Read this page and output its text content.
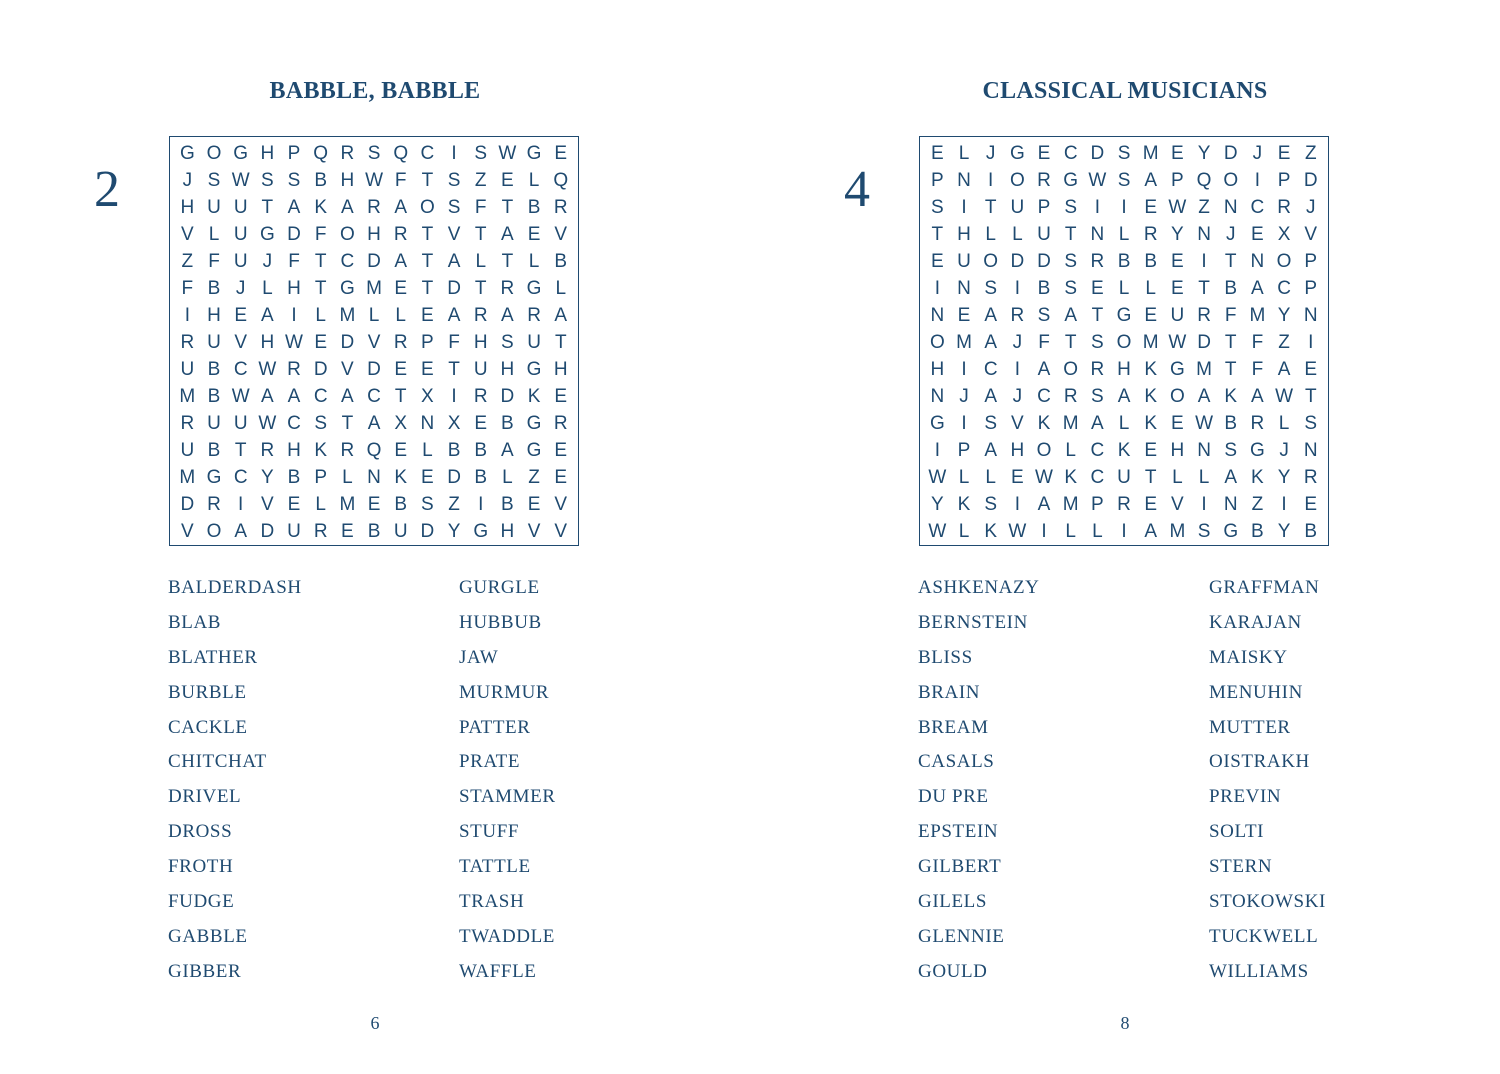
BABBLE, BABBLE
2
G O G H P Q R S Q C I S W G E
J S W S S B H W F T S Z E L Q
H U U T A K A R A O S F T B R
V L U G D F O H R T V T A E V
Z F U J F T C D A T A L T L B
F B J L H T G M E T D T R G L
I H E A I L M L L E A R A R A
R U V H W E D V R P F H S U T
U B C W R D V D E E T U H G H
M B W A A C A C T X I R D K E
R U U W C S T A X N X E B G R
U B T R H K R Q E L B B A G E
M G C Y B P L N K E D B L Z E
D R I V E L M E B S Z I B E V
V O A D U R E B U D Y G H V V
BALDERDASH
BLAB
BLATHER
BURBLE
CACKLE
CHITCHAT
DRIVEL
DROSS
FROTH
FUDGE
GABBLE
GIBBER
GURGLE
HUBBUB
JAW
MURMUR
PATTER
PRATE
STAMMER
STUFF
TATTLE
TRASH
TWADDLE
WAFFLE
6
CLASSICAL MUSICIANS
4
E L J G E C D S M E Y D J E Z
P N I O R G W S A P Q O I P D
S I T U P S I	I E W Z N C R J
T H L L U T N L R Y N J E X V
E U O D D S R B B E I T N O P
I N S I B S E L L E T B A C P
N E A R S A T G E U R F M Y N
O M A J F T S O M W D T F Z I
H I C I A O R H K G M T F A E
N J A J C R S A K O A K A W T
G I S V K M A L K E W B R L S
I P A H O L C K E H N S G J N
W L L E W K C U T L L A K Y R
Y K S I A M P R E V I N Z I E
W L K W I L L I A M S G B Y B
ASHKENAZY
BERNSTEIN
BLISS
BRAIN
BREAM
CASALS
DU PRE
EPSTEIN
GILBERT
GILELS
GLENNIE
GOULD
GRAFFMAN
KARAJAN
MAISKY
MENUHIN
MUTTER
OISTRAKH
PREVIN
SOLTI
STERN
STOKOWSKI
TUCKWELL
WILLIAMS
8
